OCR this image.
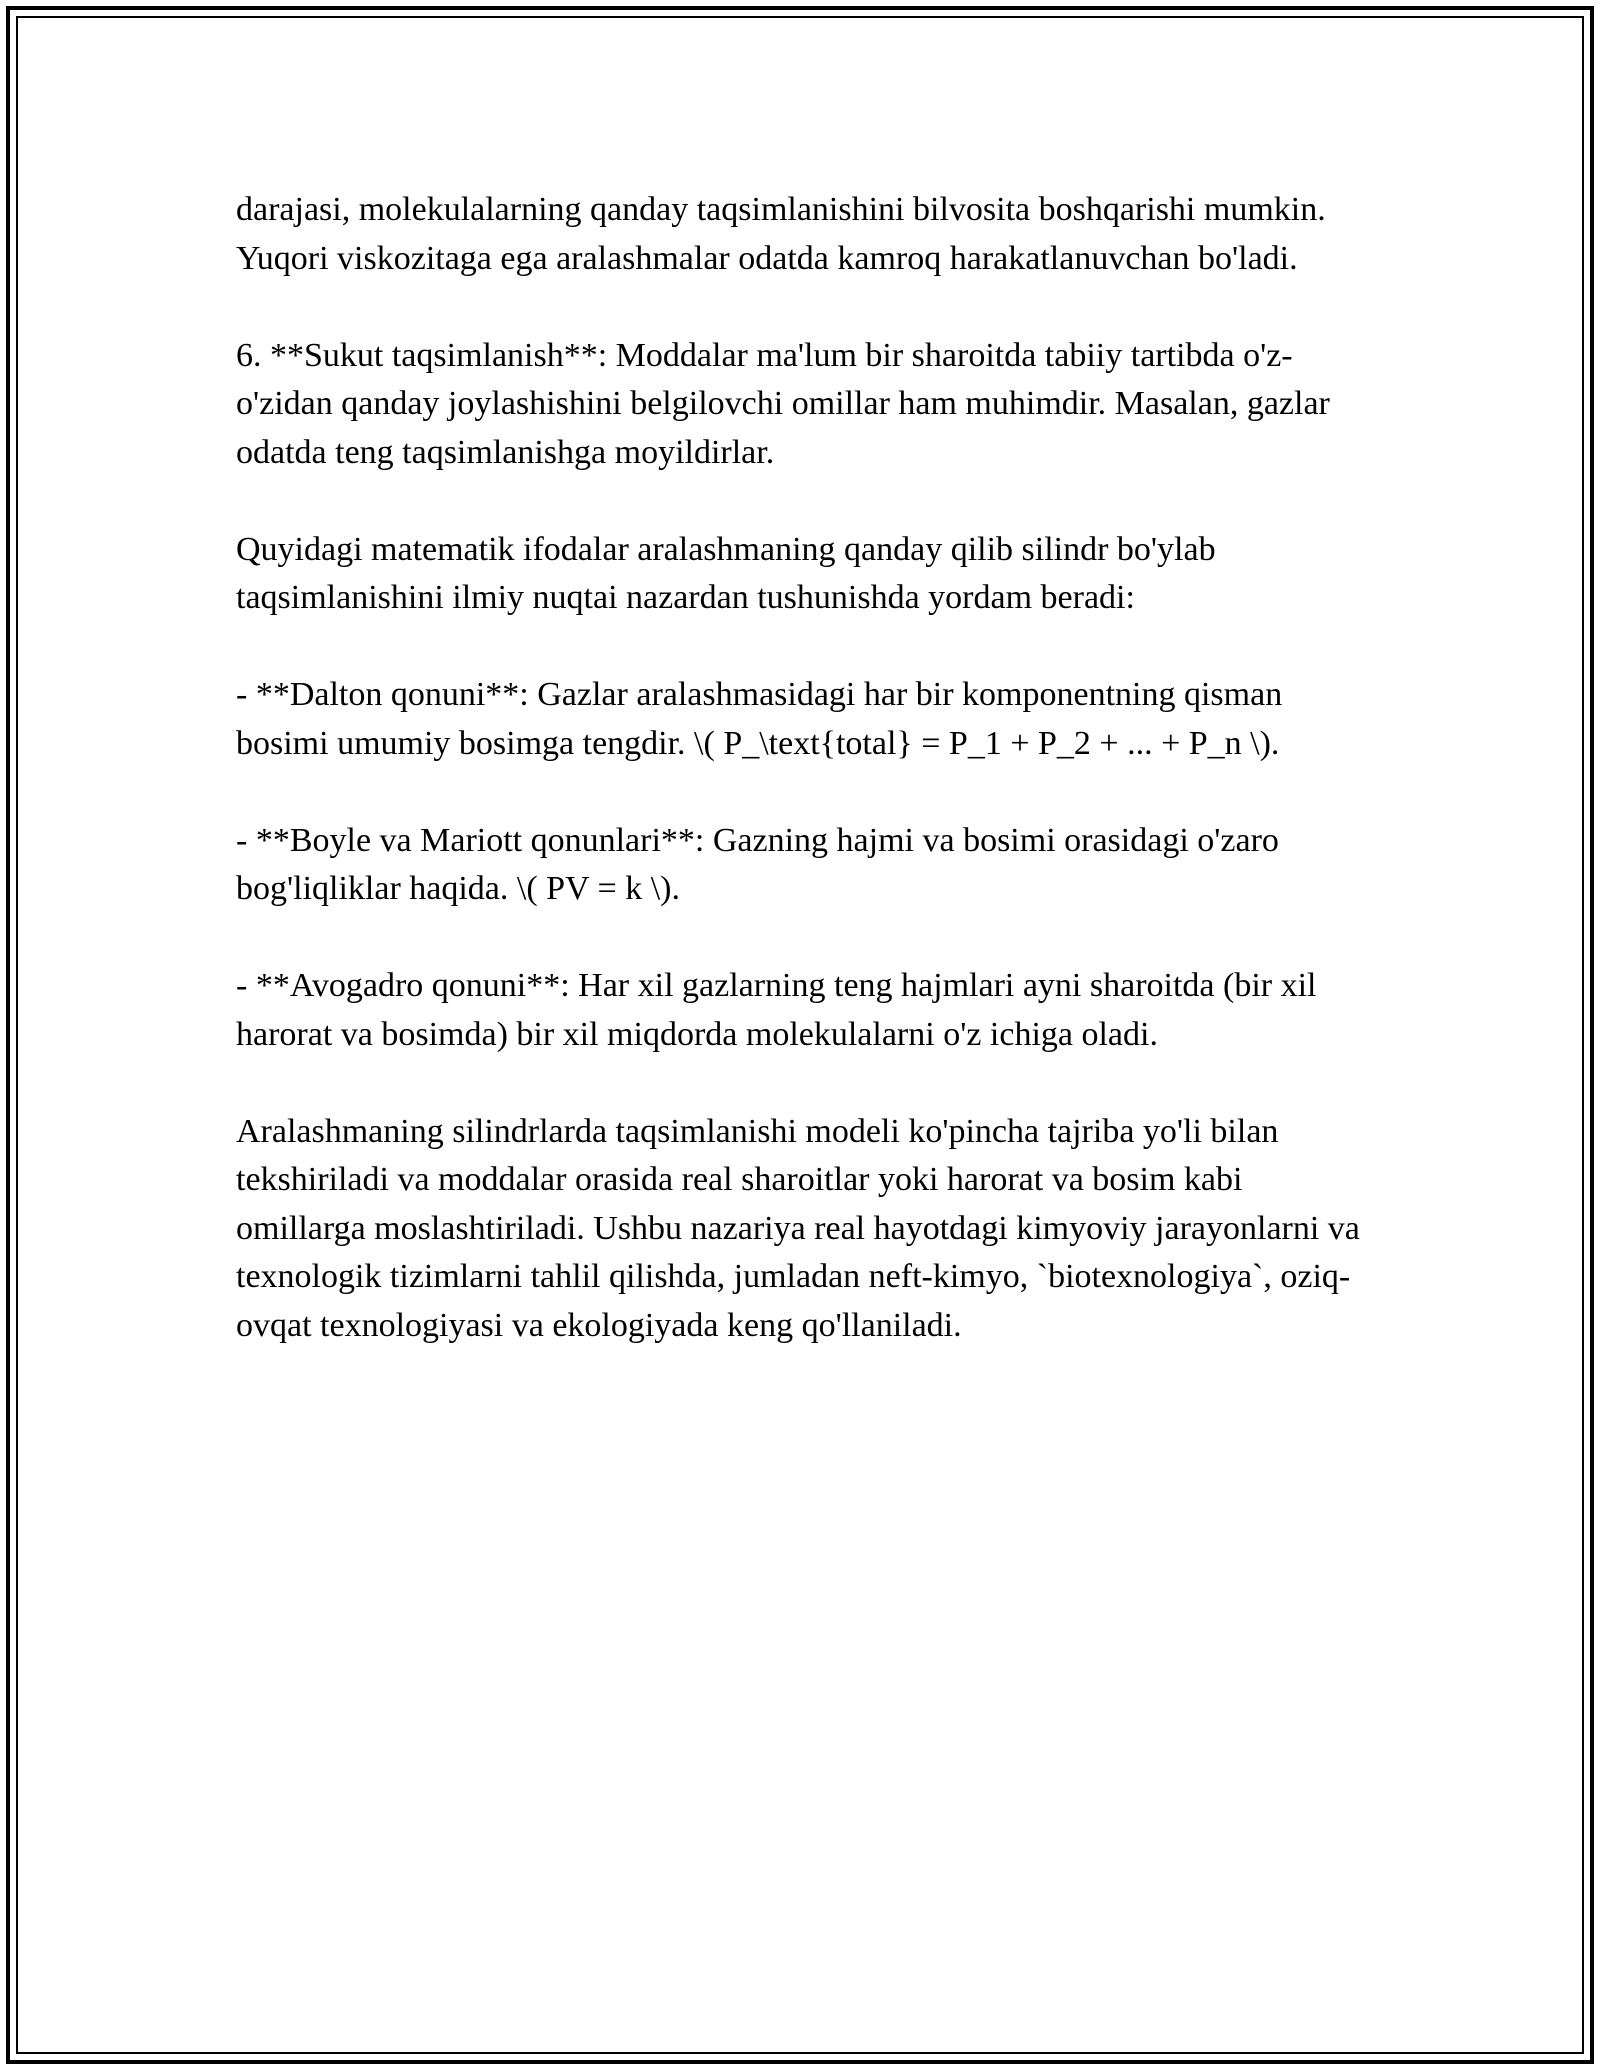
darajasi, molekulalarning qanday taqsimlanishini bilvosita boshqarishi mumkin. Yuqori viskozitaga ega aralashmalar odatda kamroq harakatlanuvchan bo'ladi.

6. **Sukut taqsimlanish**: Moddalar ma'lum bir sharoitda tabiiy tartibda o'z-o'zidan qanday joylashishini belgilovchi omillar ham muhimdir. Masalan, gazlar odatda teng taqsimlanishga moyildirlar.

Quyidagi matematik ifodalar aralashmaning qanday qilib silindr bo'ylab taqsimlanishini ilmiy nuqtai nazardan tushunishda yordam beradi:

- **Dalton qonuni**: Gazlar aralashmasidagi har bir komponentning qisman bosimi umumiy bosimga tengdir. \( P_\text{total} = P_1 + P_2 + ... + P_n \).

- **Boyle va Mariott qonunlari**: Gazning hajmi va bosimi orasidagi o'zaro bog'liqliklar haqida. \( PV = k \).

- **Avogadro qonuni**: Har xil gazlarning teng hajmlari ayni sharoitda (bir xil harorat va bosimda) bir xil miqdorda molekulalarni o'z ichiga oladi.

Aralashmaning silindrlarda taqsimlanishi modeli ko'pincha tajriba yo'li bilan tekshiriladi va moddalar orasida real sharoitlar yoki harorat va bosim kabi omillarga moslashtiriladi. Ushbu nazariya real hayotdagi kimyoviy jarayonlarni va texnologik tizimlarni tahlil qilishda, jumladan neft-kimyo, `biotexnologiya`, oziq-ovqat texnologiyasi va ekologiyada keng qo'llaniladi.
